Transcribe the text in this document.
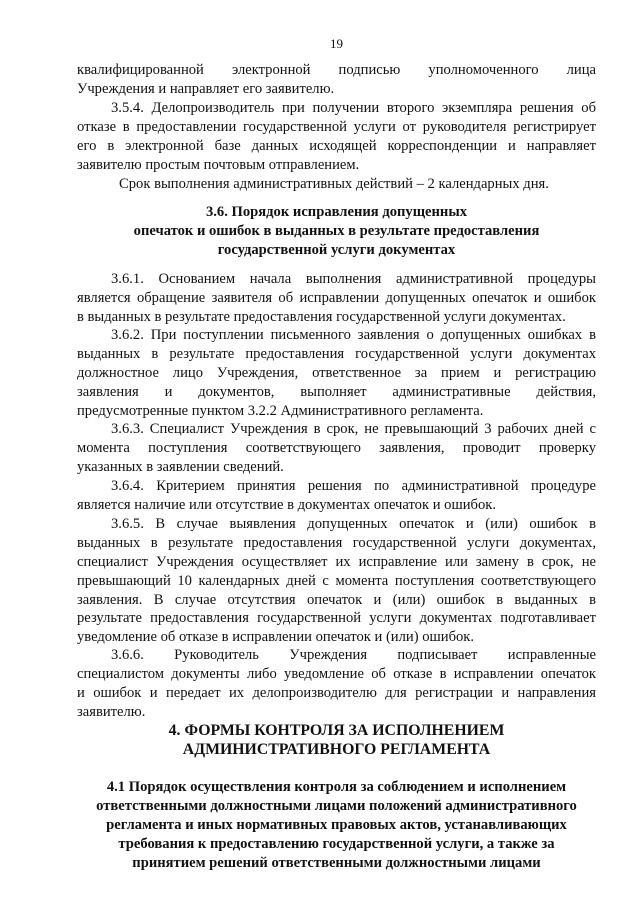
19
квалифицированной электронной подписью уполномоченного лица
Учреждения и направляет его заявителю.
3.5.4. Делопроизводитель при получении второго экземпляра решения об
отказе в предоставлении государственной услуги от руководителя регистрирует
его в электронной базе данных исходящей корреспонденции и направляет
заявителю простым почтовым отправлением.
Срок выполнения административных действий – 2 календарных дня.
3.6. Порядок исправления допущенных
опечаток и ошибок в выданных в результате предоставления
государственной услуги документах
3.6.1. Основанием начала выполнения административной процедуры
является обращение заявителя об исправлении допущенных опечаток и ошибок
в выданных в результате предоставления государственной услуги документах.
3.6.2. При поступлении письменного заявления о допущенных ошибках в
выданных в результате предоставления государственной услуги документах
должностное лицо Учреждения, ответственное за прием и регистрацию
заявления и документов, выполняет административные действия,
предусмотренные пунктом 3.2.2 Административного регламента.
3.6.3. Специалист Учреждения в срок, не превышающий 3 рабочих дней с
момента поступления соответствующего заявления, проводит проверку
указанных в заявлении сведений.
3.6.4. Критерием принятия решения по административной процедуре
является наличие или отсутствие в документах опечаток и ошибок.
3.6.5. В случае выявления допущенных опечаток и (или) ошибок в
выданных в результате предоставления государственной услуги документах,
специалист Учреждения осуществляет их исправление или замену в срок, не
превышающий 10 календарных дней с момента поступления соответствующего
заявления. В случае отсутствия опечаток и (или) ошибок в выданных в
результате предоставления государственной услуги документах подготавливает
уведомление об отказе в исправлении опечаток и (или) ошибок.
3.6.6. Руководитель Учреждения подписывает исправленные
специалистом документы либо уведомление об отказе в исправлении опечаток
и ошибок и передает их делопроизводителю для регистрации и направления
заявителю.
4. ФОРМЫ КОНТРОЛЯ ЗА ИСПОЛНЕНИЕМ
АДМИНИСТРАТИВНОГО РЕГЛАМЕНТА
4.1 Порядок осуществления контроля за соблюдением и исполнением
ответственными должностными лицами положений административного
регламента и иных нормативных правовых актов, устанавливающих
требования к предоставлению государственной услуги, а также за
принятием решений ответственными должностными лицами
